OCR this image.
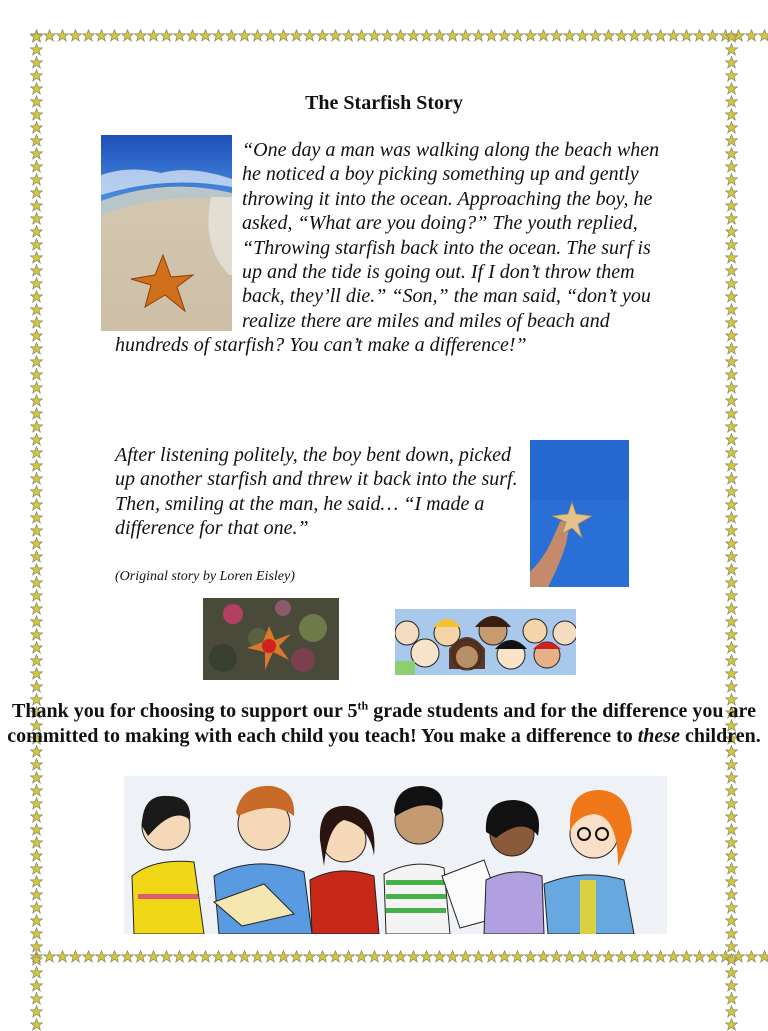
The Starfish Story

“One day a man was walking along the beach when he noticed a boy picking something up and gently throwing it into the ocean. Approaching the boy, he asked, “What are you doing?” The youth replied, “Throwing starfish back into the ocean. The surf is up and the tide is going out. If I don’t throw them back, they’ll die.” “Son,” the man said, “don’t you realize there are miles and miles of beach and hundreds of starfish? You can’t make a difference!”

After listening politely, the boy bent down, picked up another starfish and threw it back into the surf. Then, smiling at the man, he said… “I made a difference for that one.”
(Original story by Loren Eisley)
Thank you for choosing to support our 5th grade students and for the difference you are committed to making with each child you teach! You make a difference to these children.
